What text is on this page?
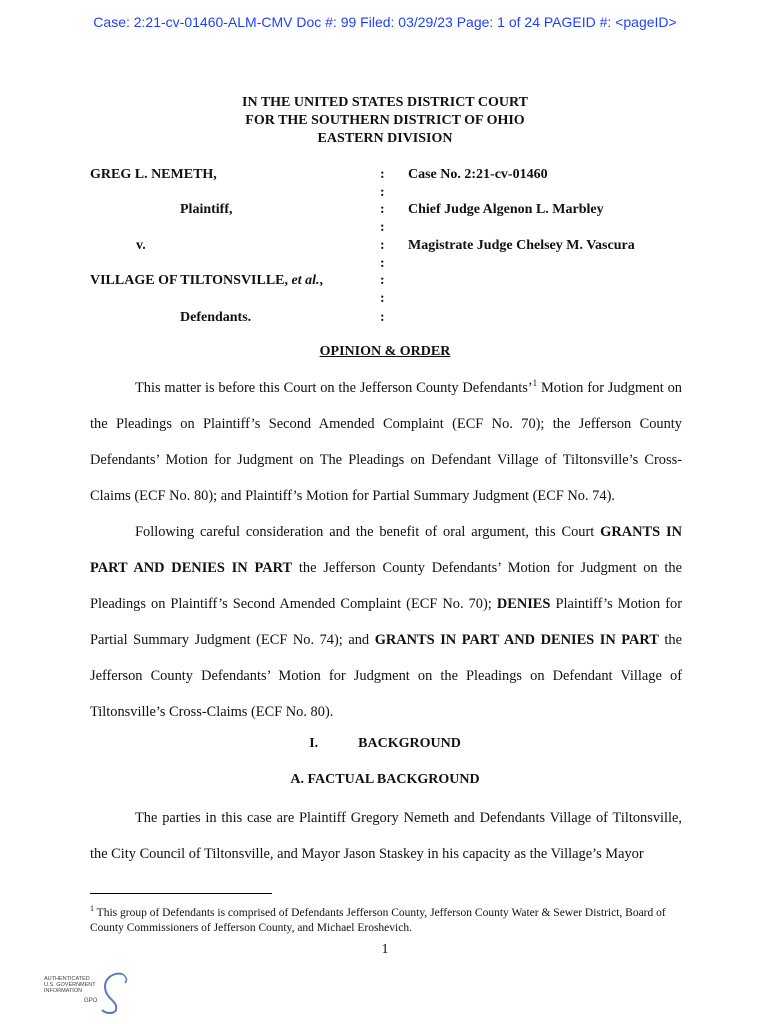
Case: 2:21-cv-01460-ALM-CMV Doc #: 99 Filed: 03/29/23 Page: 1 of 24 PAGEID #: <pageID>
IN THE UNITED STATES DISTRICT COURT
FOR THE SOUTHERN DISTRICT OF OHIO
EASTERN DIVISION
GREG L. NEMETH,
Plaintiff,
v.
VILLAGE OF TILTONSVILLE, et al.,
Defendants.
:
:
:
:
:
:
:
:
:
Case No. 2:21-cv-01460
Chief Judge Algenon L. Marbley
Magistrate Judge Chelsey M. Vascura
OPINION & ORDER

This matter is before this Court on the Jefferson County Defendants’$^1$ Motion for Judgment on the Pleadings on Plaintiff’s Second Amended Complaint (ECF No. 70); the Jefferson County Defendants’ Motion for Judgment on The Pleadings on Defendant Village of Tiltonsville’s Cross-Claims (ECF No. 80); and Plaintiff’s Motion for Partial Summary Judgment (ECF No. 74).

Following careful consideration and the benefit of oral argument, this Court GRANTS IN PART AND DENIES IN PART the Jefferson County Defendants’ Motion for Judgment on the Pleadings on Plaintiff’s Second Amended Complaint (ECF No. 70); DENIES Plaintiff’s Motion for Partial Summary Judgment (ECF No. 74); and GRANTS IN PART AND DENIES IN PART the Jefferson County Defendants’ Motion for Judgment on the Pleadings on Defendant Village of Tiltonsville’s Cross-Claims (ECF No. 80).

I.	BACKGROUND
A. FACTUAL BACKGROUND

The parties in this case are Plaintiff Gregory Nemeth and Defendants Village of Tiltonsville, the City Council of Tiltonsville, and Mayor Jason Staskey in his capacity as the Village’s Mayor

$^1$ This group of Defendants is comprised of Defendants Jefferson County, Jefferson County Water & Sewer District, Board of County Commissioners of Jefferson County, and Michael Eroshevich.
1
AUTHENTICATED
U.S. GOVERNMENT
INFORMATION
GPO
